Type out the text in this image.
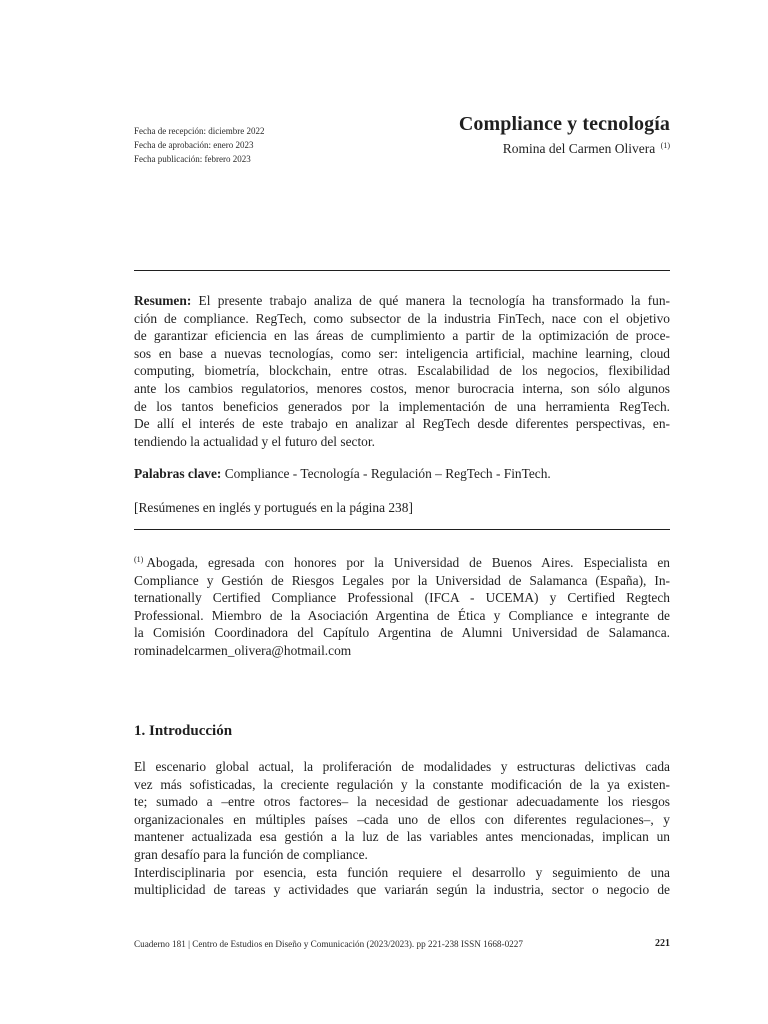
Fecha de recepción: diciembre 2022
Fecha de aprobación: enero 2023
Fecha publicación: febrero 2023
Compliance y tecnología
Romina del Carmen Olivera $^{(1)}$
Resumen: El presente trabajo analiza de qué manera la tecnología ha transformado la fun-
ción de compliance. RegTech, como subsector de la industria FinTech, nace con el objetivo
de garantizar eficiencia en las áreas de cumplimiento a partir de la optimización de proce-
sos en base a nuevas tecnologías, como ser: inteligencia artificial, machine learning, cloud
computing, biometría, blockchain, entre otras. Escalabilidad de los negocios, flexibilidad
ante los cambios regulatorios, menores costos, menor burocracia interna, son sólo algunos
de los tantos beneficios generados por la implementación de una herramienta RegTech.
De allí el interés de este trabajo en analizar al RegTech desde diferentes perspectivas, en-
tendiendo la actualidad y el futuro del sector.
Palabras clave: Compliance - Tecnología - Regulación – RegTech - FinTech.
[Resúmenes en inglés y portugués en la página 238]
$^{(1)}$ Abogada, egresada con honores por la Universidad de Buenos Aires. Especialista en
Compliance y Gestión de Riesgos Legales por la Universidad de Salamanca (España), In-
ternationally Certified Compliance Professional (IFCA - UCEMA) y Certified Regtech
Professional. Miembro de la Asociación Argentina de Ética y Compliance e integrante de
la Comisión Coordinadora del Capítulo Argentina de Alumni Universidad de Salamanca.
rominadelcarmen_olivera@hotmail.com
1. Introducción
El escenario global actual, la proliferación de modalidades y estructuras delictivas cada
vez más sofisticadas, la creciente regulación y la constante modificación de la ya existen-
te; sumado a –entre otros factores– la necesidad de gestionar adecuadamente los riesgos
organizacionales en múltiples países –cada uno de ellos con diferentes regulaciones–, y
mantener actualizada esa gestión a la luz de las variables antes mencionadas, implican un
gran desafío para la función de compliance.
Interdisciplinaria por esencia, esta función requiere el desarrollo y seguimiento de una
multiplicidad de tareas y actividades que variarán según la industria, sector o negocio de
Cuaderno 181 | Centro de Estudios en Diseño y Comunicación (2023/2023). pp 221-238 ISSN 1668-0227	221
